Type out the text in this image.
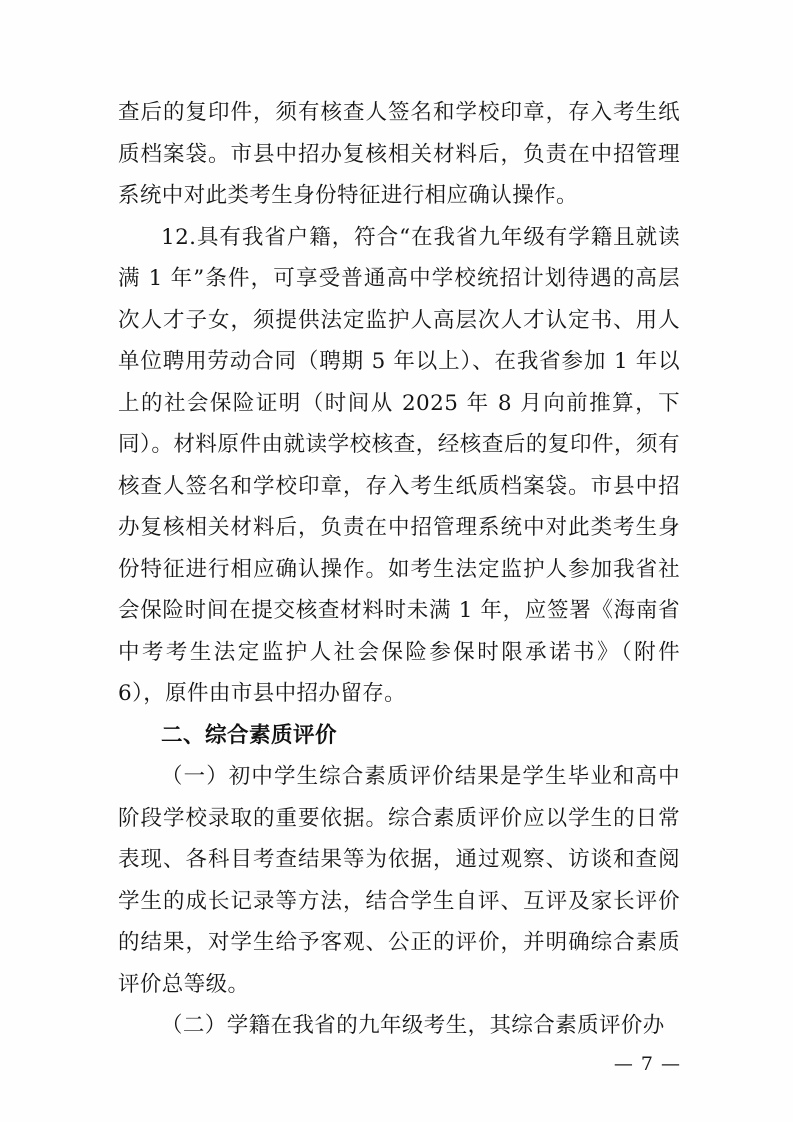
查后的复印件，须有核查人签名和学校印章，存入考生纸质档案袋。市县中招办复核相关材料后，负责在中招管理系统中对此类考生身份特征进行相应确认操作。

12.具有我省户籍，符合“在我省九年级有学籍且就读满 1 年”条件，可享受普通高中学校统招计划待遇的高层次人才子女，须提供法定监护人高层次人才认定书、用人单位聘用劳动合同（聘期 5 年以上）、在我省参加 1 年以上的社会保险证明（时间从 2025 年 8 月向前推算，下同）。材料原件由就读学校核查，经核查后的复印件，须有核查人签名和学校印章，存入考生纸质档案袋。市县中招办复核相关材料后，负责在中招管理系统中对此类考生身份特征进行相应确认操作。如考生法定监护人参加我省社会保险时间在提交核查材料时未满 1 年，应签署《海南省中考考生法定监护人社会保险参保时限承诺书》（附件 6），原件由市县中招办留存。

二、综合素质评价

（一）初中学生综合素质评价结果是学生毕业和高中阶段学校录取的重要依据。综合素质评价应以学生的日常表现、各科目考查结果等为依据，通过观察、访谈和查阅学生的成长记录等方法，结合学生自评、互评及家长评价的结果，对学生给予客观、公正的评价，并明确综合素质评价总等级。

（二）学籍在我省的九年级考生，其综合素质评价办

— 7 —
